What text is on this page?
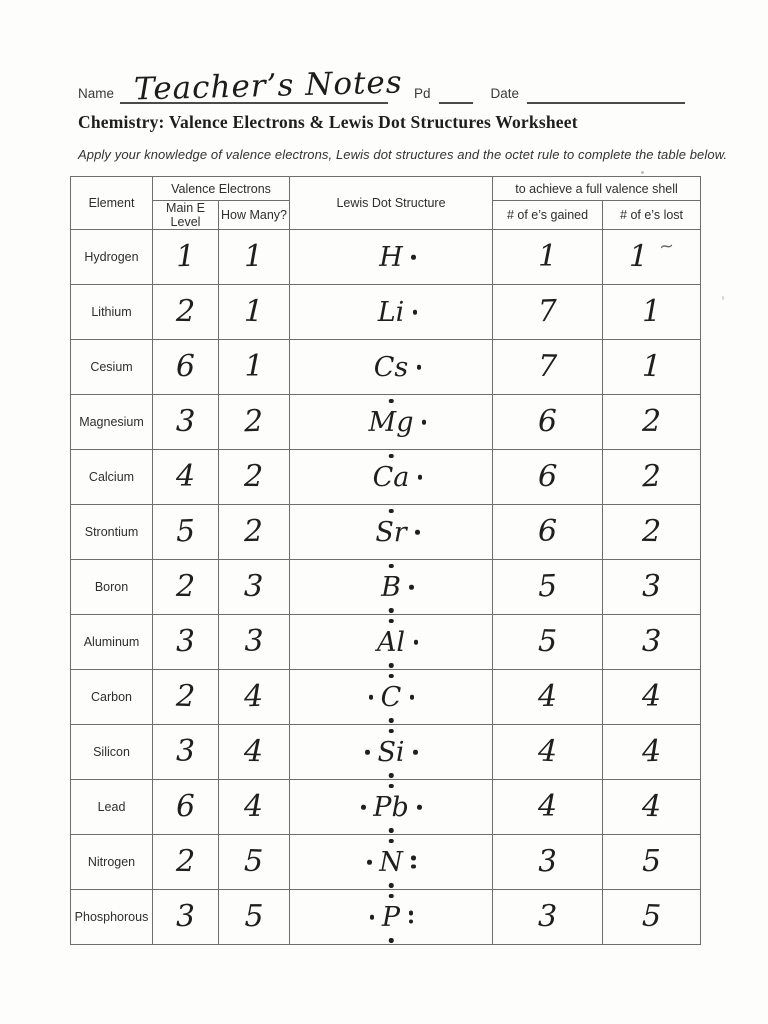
Name Teacher’s Notes Pd	Date
Chemistry: Valence Electrons & Lewis Dot Structures Worksheet

Apply your knowledge of valence electrons, Lewis dot structures and the octet rule to complete the table below.

Element	Valence Electrons		Lewis Dot Structure	to achieve a full valence shell	
	Main E Level	How Many?		# of e’s gained	# of e’s lost
Hydrogen	1	1	H	1	1 ~
Lithium	2	1	Li	7	1
Cesium	6	1	Cs	7	1
Magnesium	3	2	Mg	6	2
Calcium	4	2	Ca	6	2
Strontium	5	2	Sr	6	2
Boron	2	3	B	5	3
Aluminum	3	3	Al	5	3
Carbon	2	4	C	4	4
Silicon	3	4	Si	4	4
Lead	6	4	Pb	4	4
Nitrogen	2	5	N	3	5
Phosphorous	3	5	P	3	5
